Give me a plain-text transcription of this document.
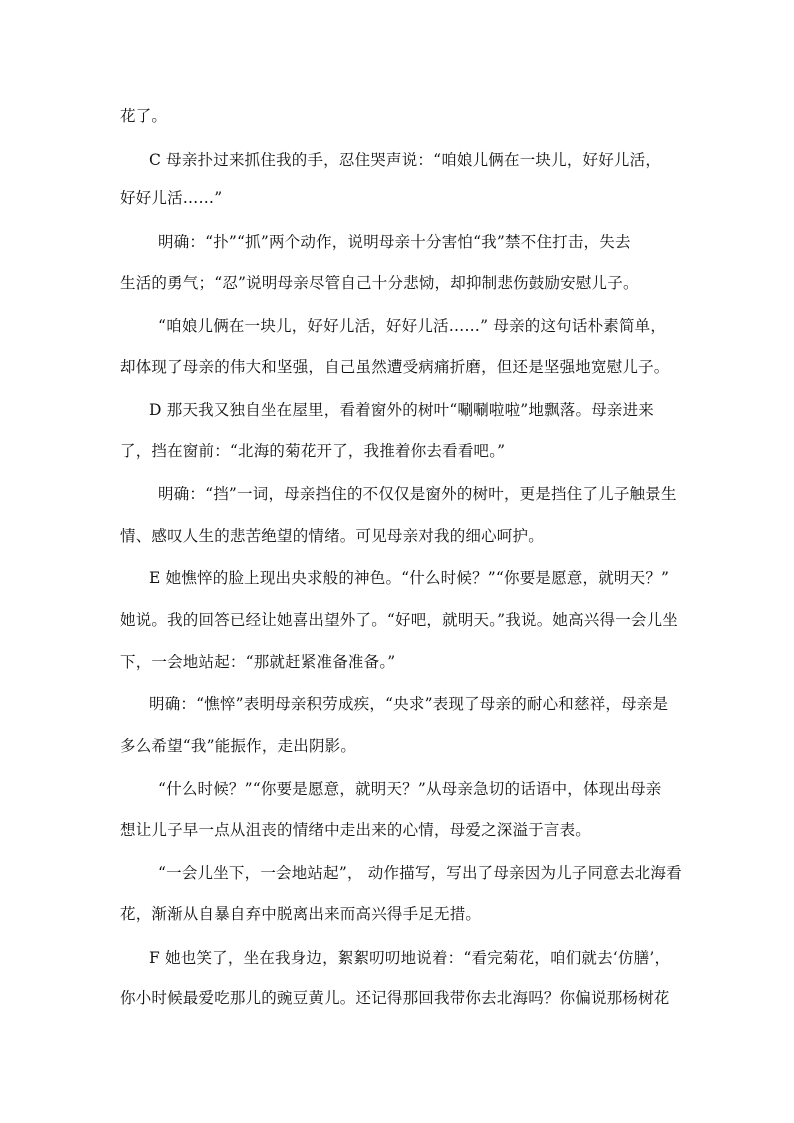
花了。
C 母亲扑过来抓住我的手，忍住哭声说：“咱娘儿俩在一块儿，好好儿活，
好好儿活……”
明确：“扑”“抓”两个动作，说明母亲十分害怕“我”禁不住打击，失去
生活的勇气；“忍”说明母亲尽管自己十分悲恸，却抑制悲伤鼓励安慰儿子。
“咱娘儿俩在一块儿，好好儿活，好好儿活……” 母亲的这句话朴素简单，
却体现了母亲的伟大和坚强，自己虽然遭受病痛折磨，但还是坚强地宽慰儿子。
D 那天我又独自坐在屋里，看着窗外的树叶“唰唰啦啦”地飘落。母亲进来
了，挡在窗前：“北海的菊花开了，我推着你去看看吧。”
明确：“挡”一词，母亲挡住的不仅仅是窗外的树叶，更是挡住了儿子触景生
情、感叹人生的悲苦绝望的情绪。可见母亲对我的细心呵护。
E 她憔悴的脸上现出央求般的神色。“什么时候？”“你要是愿意，就明天？”
她说。我的回答已经让她喜出望外了。“好吧，就明天。”我说。她高兴得一会儿坐
下，一会地站起：“那就赶紧准备准备。”
明确：“憔悴”表明母亲积劳成疾，“央求”表现了母亲的耐心和慈祥，母亲是
多么希望“我”能振作，走出阴影。
“什么时候？”“你要是愿意，就明天？”从母亲急切的话语中，体现出母亲
想让儿子早一点从沮丧的情绪中走出来的心情，母爱之深溢于言表。
“一会儿坐下，一会地站起”， 动作描写，写出了母亲因为儿子同意去北海看
花，渐渐从自暴自弃中脱离出来而高兴得手足无措。
F 她也笑了，坐在我身边，絮絮叨叨地说着：“看完菊花，咱们就去‘仿膳’，
你小时候最爱吃那儿的豌豆黄儿。还记得那回我带你去北海吗？你偏说那杨树花
